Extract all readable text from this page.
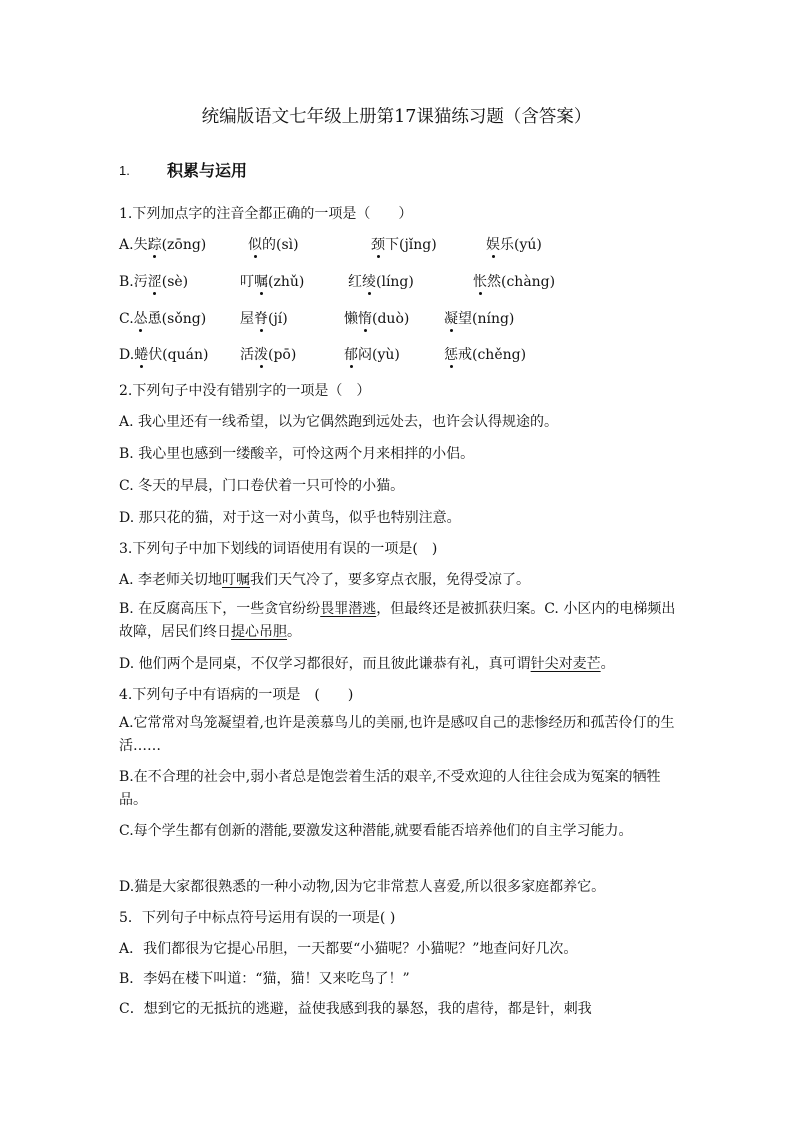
统编版语文七年级上册第17课猫练习题（含答案）
1. 积累与运用
1.下列加点字的注音全都正确的一项是（　　）
A.失踪(zōng)	似的(sì)	颈下(jǐng)	娱乐(yú)
B.污涩(sè)	叮嘱(zhǔ)	红绫(líng)	怅然(chàng)
C.怂恿(sǒng) 屋脊(jí)	懒惰(duò) 凝望(níng)
D.蜷伏(quán) 活泼(pō)	郁闷(yù)	惩戒(chěng)
2.下列句子中没有错别字的一项是（　）
A. 我心里还有一线希望，以为它偶然跑到远处去，也许会认得规途的。
B. 我心里也感到一缕酸辛，可怜这两个月来相拌的小侣。
C. 冬天的早晨，门口卷伏着一只可怜的小猫。
D. 那只花的猫，对于这一对小黄鸟，似乎也特别注意。
3.下列句子中加下划线的词语使用有误的一项是(　)
A. 李老师关切地叮嘱我们天气冷了，要多穿点衣服，免得受凉了。
B. 在反腐高压下，一些贪官纷纷畏罪潜逃，但最终还是被抓获归案。C. 小区内的电梯频出故障，居民们终日提心吊胆。
D. 他们两个是同桌，不仅学习都很好，而且彼此谦恭有礼，真可谓针尖对麦芒。
4.下列句子中有语病的一项是　(　　)
A.它常常对鸟笼凝望着,也许是羡慕鸟儿的美丽,也许是感叹自己的悲惨经历和孤苦伶仃的生活……
B.在不合理的社会中,弱小者总是饱尝着生活的艰辛,不受欢迎的人往往会成为冤案的牺牲品。
C.每个学生都有创新的潜能,要激发这种潜能,就要看能否培养他们的自主学习能力。
D.猫是大家都很熟悉的一种小动物,因为它非常惹人喜爱,所以很多家庭都养它。
5．下列句子中标点符号运用有误的一项是( )
A．我们都很为它提心吊胆，一天都要“小猫呢？小猫呢？”地查问好几次。
B．李妈在楼下叫道：“猫，猫！又来吃鸟了！”
C．想到它的无抵抗的逃避，益使我感到我的暴怒，我的虐待，都是针，刺我
